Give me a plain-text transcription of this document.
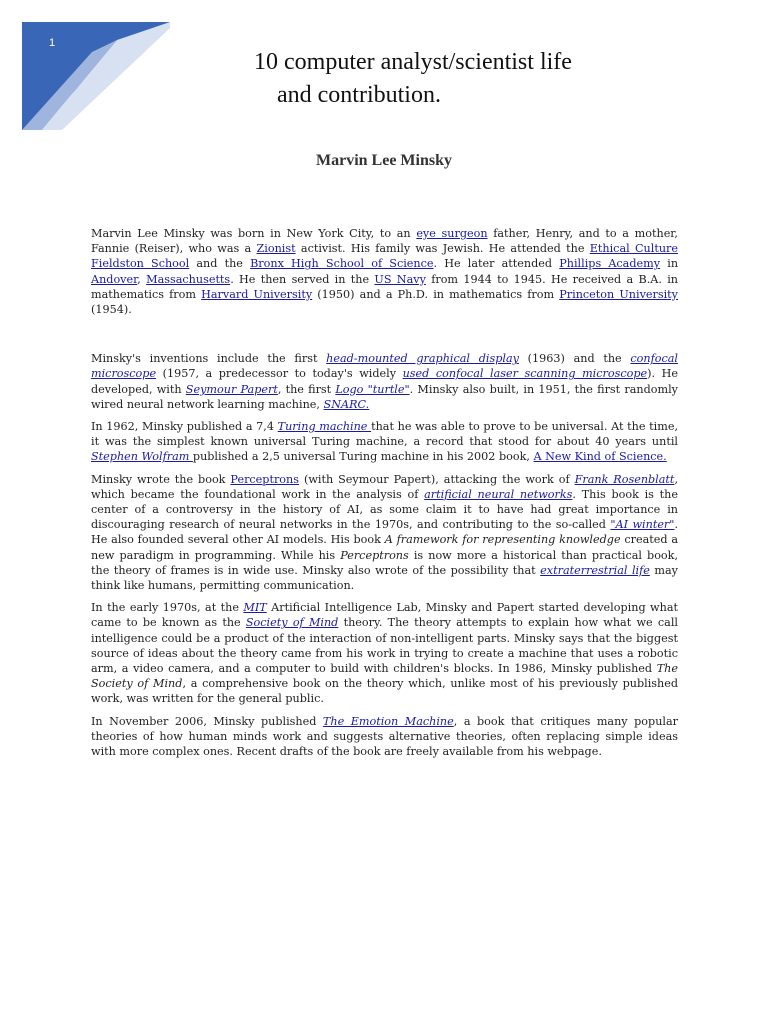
1
10 computer analyst/scientist life
and contribution.
Marvin Lee Minsky

Marvin Lee Minsky was born in New York City, to an eye surgeon father, Henry, and to a mother, Fannie (Reiser), who was a Zionist activist. His family was Jewish. He attended the Ethical Culture Fieldston School and the Bronx High School of Science. He later attended Phillips Academy in Andover, Massachusetts. He then served in the US Navy from 1944 to 1945. He received a B.A. in mathematics from Harvard University (1950) and a Ph.D. in mathematics from Princeton University (1954).

Minsky's inventions include the first head-mounted graphical display (1963) and the confocal microscope (1957, a predecessor to today's widely used confocal laser scanning microscope). He developed, with Seymour Papert, the first Logo "turtle". Minsky also built, in 1951, the first randomly wired neural network learning machine, SNARC.

In 1962, Minsky published a 7,4 Turing machine that he was able to prove to be universal. At the time, it was the simplest known universal Turing machine, a record that stood for about 40 years until Stephen Wolfram published a 2,5 universal Turing machine in his 2002 book, A New Kind of Science.

Minsky wrote the book Perceptrons (with Seymour Papert), attacking the work of Frank Rosenblatt, which became the foundational work in the analysis of artificial neural networks. This book is the center of a controversy in the history of AI, as some claim it to have had great importance in discouraging research of neural networks in the 1970s, and contributing to the so-called "AI winter". He also founded several other AI models. His book A framework for representing knowledge created a new paradigm in programming. While his Perceptrons is now more a historical than practical book, the theory of frames is in wide use. Minsky also wrote of the possibility that extraterrestrial life may think like humans, permitting communication.

In the early 1970s, at the MIT Artificial Intelligence Lab, Minsky and Papert started developing what came to be known as the Society of Mind theory. The theory attempts to explain how what we call intelligence could be a product of the interaction of non-intelligent parts. Minsky says that the biggest source of ideas about the theory came from his work in trying to create a machine that uses a robotic arm, a video camera, and a computer to build with children's blocks. In 1986, Minsky published The Society of Mind, a comprehensive book on the theory which, unlike most of his previously published work, was written for the general public.

In November 2006, Minsky published The Emotion Machine, a book that critiques many popular theories of how human minds work and suggests alternative theories, often replacing simple ideas with more complex ones. Recent drafts of the book are freely available from his webpage.
